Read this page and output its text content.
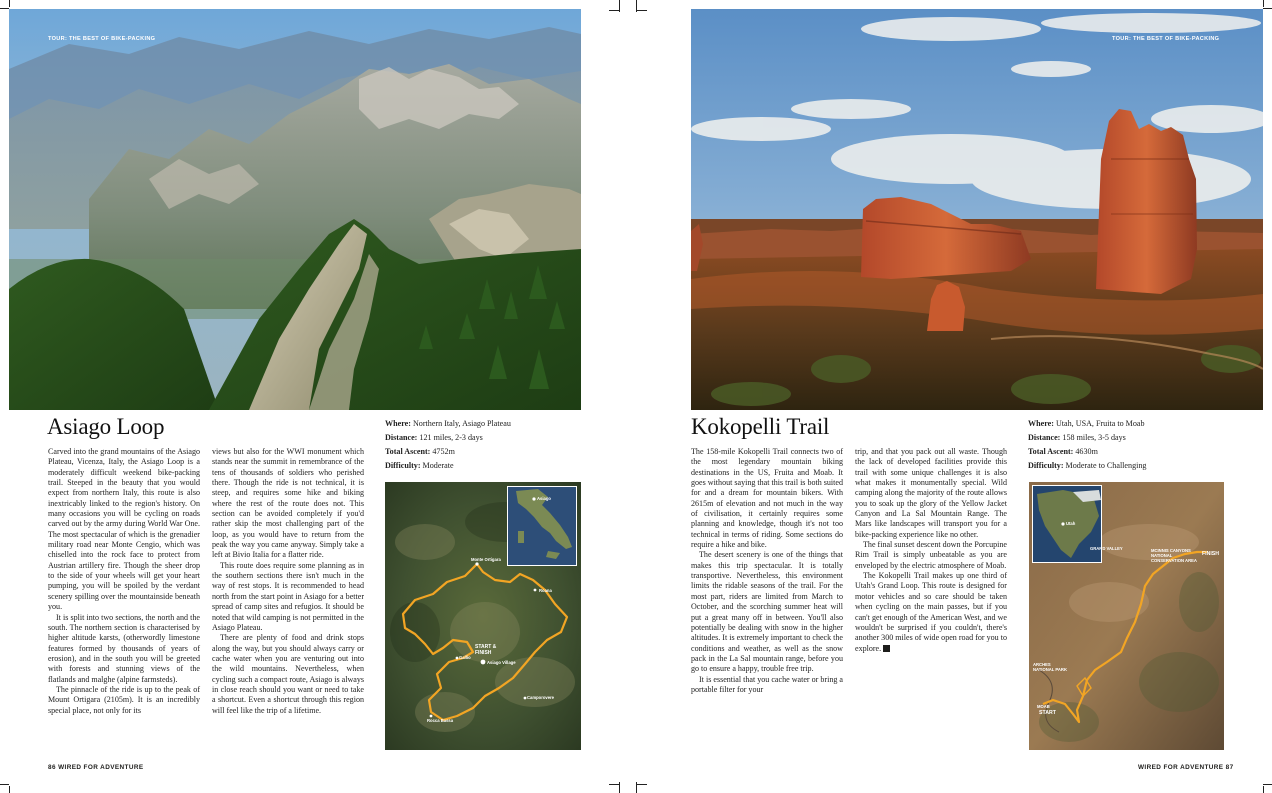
TOUR: THE BEST OF BIKE-PACKING
Asiago Loop

Carved into the grand mountains of the Asiago Plateau, Vicenza, Italy, the Asiago Loop is a moderately difficult weekend bike-packing trail. Steeped in the beauty that you would expect from northern Italy, this route is also inextricably linked to the region's history. On many occasions you will be cycling on roads carved out by the army during World War One. The most spectacular of which is the grenadier military road near Monte Cengio, which was chiselled into the rock face to protect from Austrian artillery fire. Though the sheer drop to the side of your wheels will get your heart pumping, you will be spoiled by the verdant scenery spilling over the mountainside beneath you.

It is split into two sections, the north and the south. The northern section is characterised by higher altitude karsts, (otherwordly limestone features formed by thousands of years of erosion), and in the south you will be greeted with forests and stunning views of the flatlands and malghe (alpine farmsteds).

The pinnacle of the ride is up to the peak of Mount Ortigara (2105m). It is an incredibly special place, not only for its

views but also for the WWI monument which stands near the summit in remembrance of the tens of thousands of soldiers who perished there. Though the ride is not technical, it is steep, and requires some hike and biking where the rest of the route does not. This section can be avoided completely if you'd rather skip the most challenging part of the loop, as you would have to return from the peak the way you came anyway. Simply take a left at Bivio Italia for a flatter ride.

This route does require some planning as in the southern sections there isn't much in the way of rest stops. It is recommended to head north from the start point in Asiago for a better spread of camp sites and refugios. It should be noted that wild camping is not permitted in the Asiago Plateau.

There are plenty of food and drink stops along the way, but you should always carry or cache water when you are venturing out into the wild mountains. Nevertheless, when cycling such a compact route, Asiago is always in close reach should you want or need to take a shortcut. Even a shortcut through this region will feel like the trip of a lifetime.

Where: Northern Italy, Asiago Plateau
Distance: 121 miles, 2-3 days
Total Ascent: 4752m
Difficulty: Moderate
Asiago
Monte Ortigara
Roana
START &
FINISH
Asiago Village
Gallio
Camporovere
Rocca Bassa
86 WIRED FOR ADVENTURE
TOUR: THE BEST OF BIKE-PACKING
Kokopelli Trail

The 158-mile Kokopelli Trail connects two of the most legendary mountain biking destinations in the US, Fruita and Moab. It goes without saying that this trail is both suited for and a dream for mountain bikers. With 2615m of elevation and not much in the way of civilisation, it certainly requires some planning and knowledge, though it's not too technical in terms of riding. Some sections do require a hike and bike.

The desert scenery is one of the things that makes this trip spectacular. It is totally transportive. Nevertheless, this environment limits the ridable seasons of the trail. For the most part, riders are limited from March to October, and the scorching summer heat will put a great many off in between. You'll also potentially be dealing with snow in the higher altitudes. It is extremely important to check the conditions and weather, as well as the snow pack in the La Sal mountain range, before you go to ensure a happy, trouble free trip.

It is essential that you cache water or bring a portable filter for your

trip, and that you pack out all waste. Though the lack of developed facilities provide this trail with some unique challenges it is also what makes it monumentally special. Wild camping along the majority of the route allows you to soak up the glory of the Yellow Jacket Canyon and La Sal Mountain Range. The Mars like landscapes will transport you for a bike-packing experience like no other.

The final sunset descent down the Porcupine Rim Trail is simply unbeatable as you are enveloped by the electric atmosphere of Moab.

The Kokopelli Trail makes up one third of Utah's Grand Loop. This route is designed for motor vehicles and so care should be taken when cycling on the main passes, but if you can't get enough of the American West, and we wouldn't be surprised if you couldn't, there's another 300 miles of wide open road for you to explore.

Where: Utah, USA, Fruita to Moab
Distance: 158 miles, 3-5 days
Total Ascent: 4630m
Difficulty: Moderate to Challenging
Utah
GRAND VALLEY	MCINNIS CANYONS
NATIONAL
CONSERVATION AREA
FINISH
ARCHES
NATIONAL PARK
MOAB
START
WIRED FOR ADVENTURE 87
